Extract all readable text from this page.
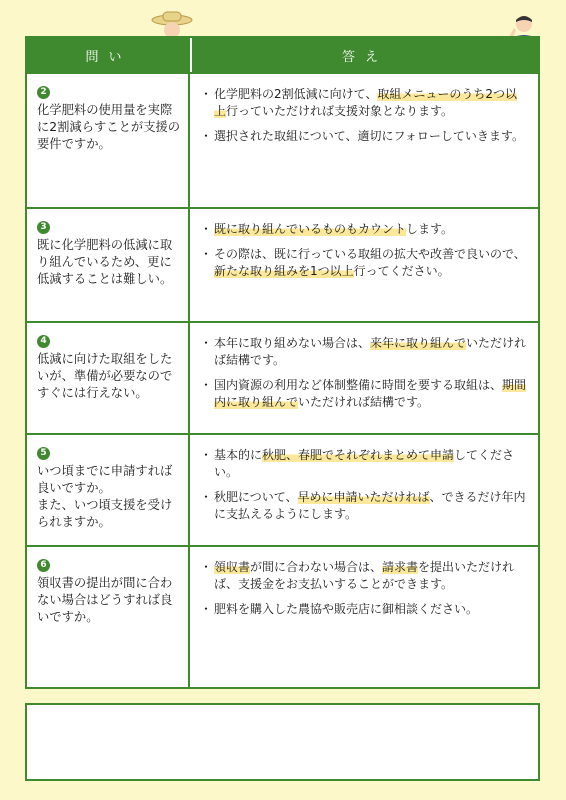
問い	答え
2
化学肥料の使用量を実際に2割減らすことが支援の要件ですか。
・ 化学肥料の2割低減に向けて、取組メニューのうち2つ以上行っていただければ支援対象となります。
・ 選択された取組について、適切にフォローしていきます。
3
既に化学肥料の低減に取り組んでいるため、更に低減することは難しい。
・ 既に取り組んでいるものもカウントします。
・ その際は、既に行っている取組の拡大や改善で良いので、新たな取り組みを1つ以上行ってください。
4
低減に向けた取組をしたいが、準備が必要なのですぐには行えない。
・ 本年に取り組めない場合は、来年に取り組んでいただければ結構です。
・ 国内資源の利用など体制整備に時間を要する取組は、期間内に取り組んでいただければ結構です。
5
いつ頃までに申請すれば良いですか。
また、いつ頃支援を受けられますか。
・ 基本的に秋肥、春肥でそれぞれまとめて申請してください。
・ 秋肥について、早めに申請いただければ、できるだけ年内に支払えるようにします。
6
領収書の提出が間に合わない場合はどうすれば良いですか。
・ 領収書が間に合わない場合は、請求書を提出いただければ、支援金をお支払いすることができます。
・ 肥料を購入した農協や販売店に御相談ください。
